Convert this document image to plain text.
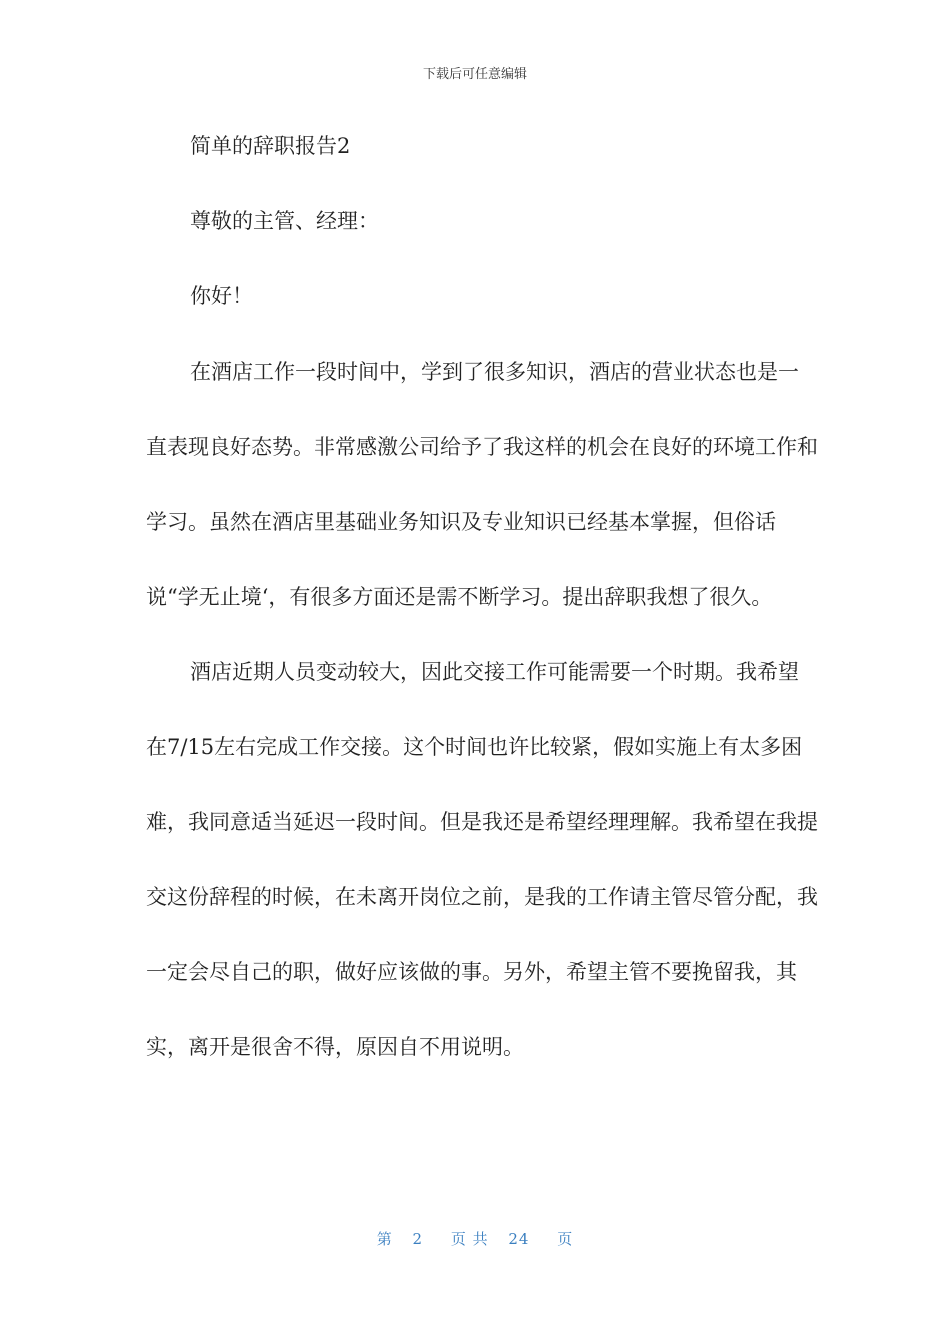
下载后可任意编辑

简单的辞职报告2

尊敬的主管、经理：

你好！

在酒店工作一段时间中，学到了很多知识，酒店的营业状态也是一直表现良好态势。非常感激公司给予了我这样的机会在良好的环境工作和学习。虽然在酒店里基础业务知识及专业知识已经基本掌握，但俗话说“学无止境‘，有很多方面还是需不断学习。提出辞职我想了很久。

酒店近期人员变动较大，因此交接工作可能需要一个时期。我希望在7/15左右完成工作交接。这个时间也许比较紧，假如实施上有太多困难，我同意适当延迟一段时间。但是我还是希望经理理解。我希望在我提交这份辞程的时候，在未离开岗位之前，是我的工作请主管尽管分配，我一定会尽自己的职，做好应该做的事。另外，希望主管不要挽留我，其实，离开是很舍不得，原因自不用说明。

第 2 页 共 24 页
